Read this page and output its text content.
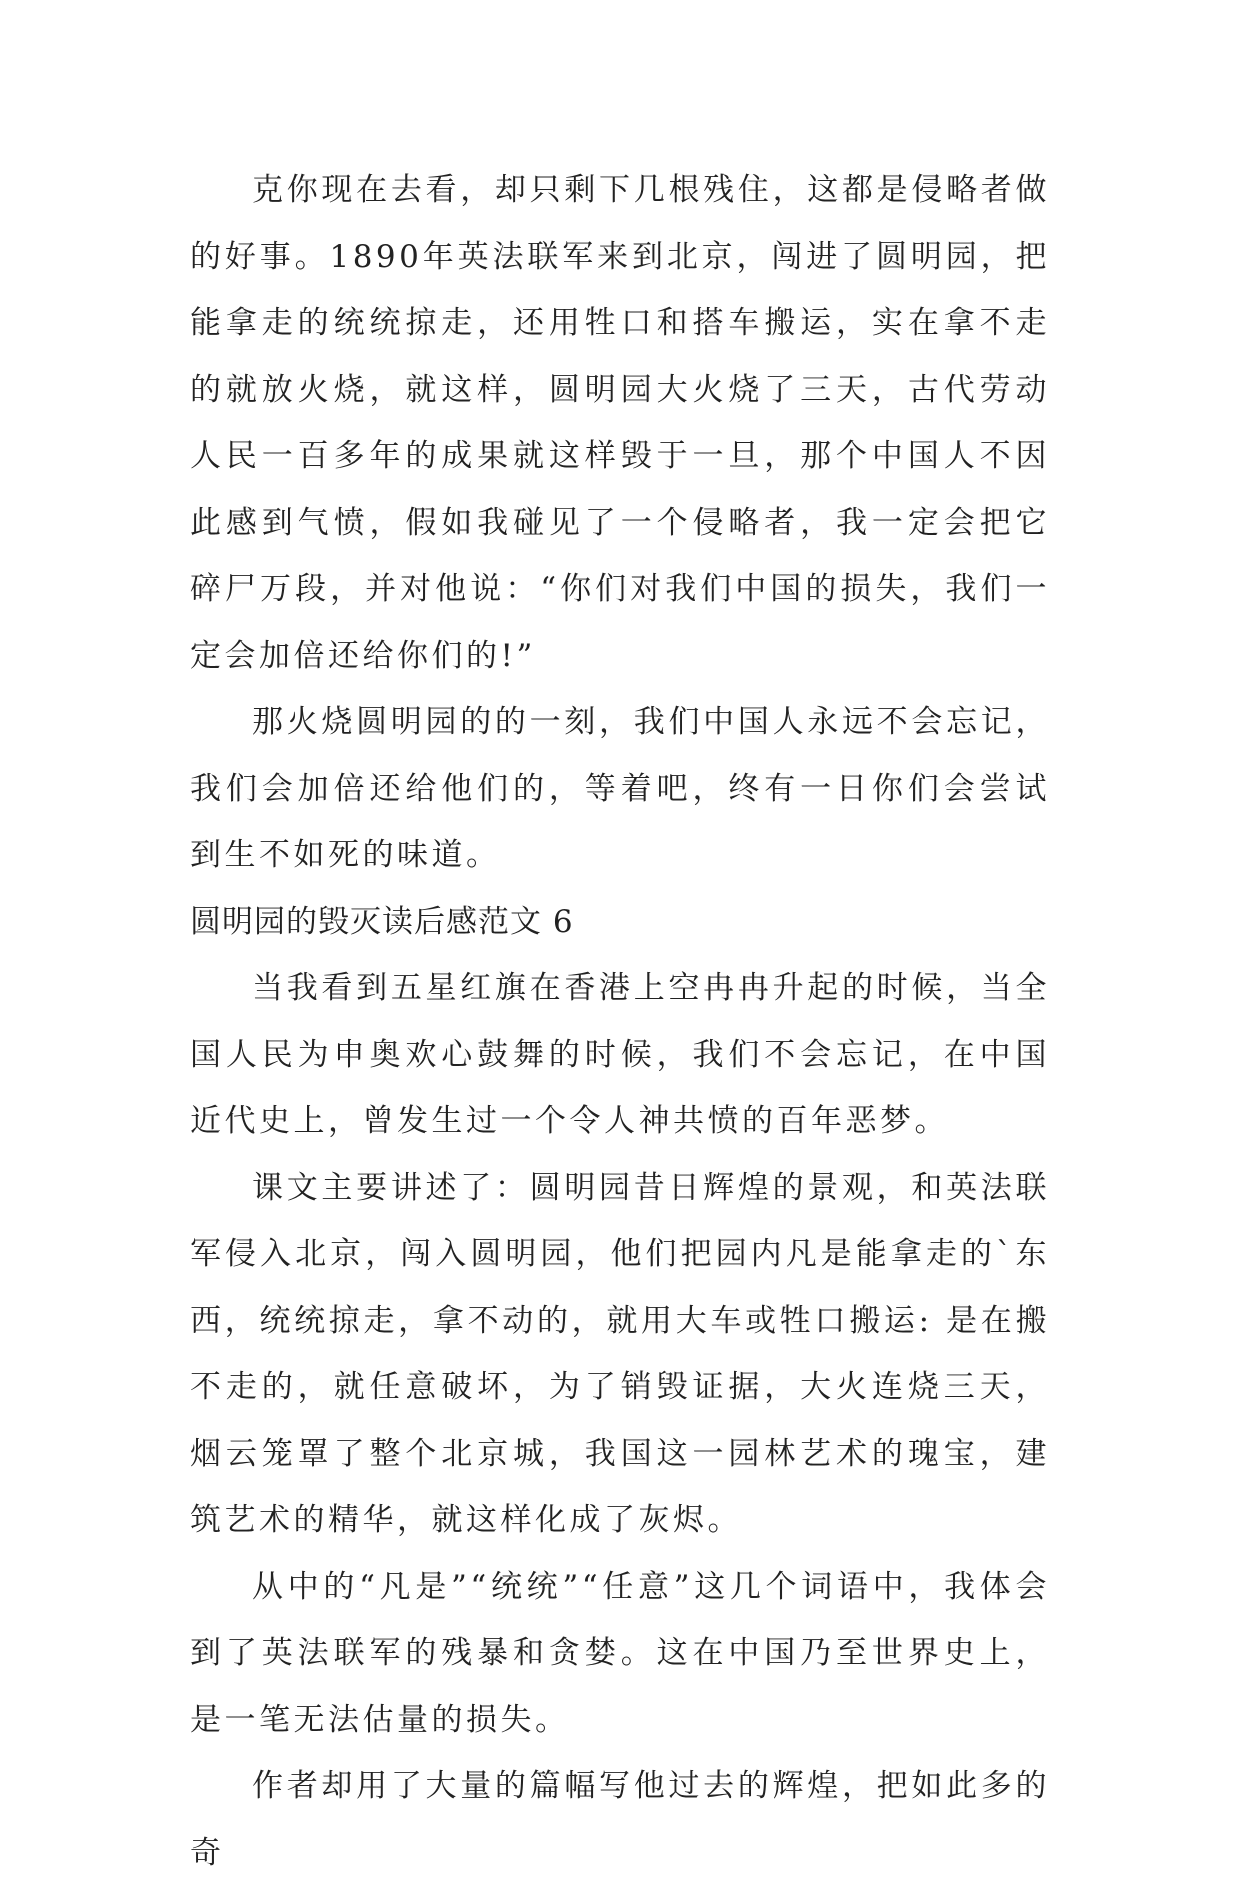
克你现在去看，却只剩下几根残住，这都是侵略者做的好事。1890年英法联军来到北京，闯进了圆明园，把能拿走的统统掠走，还用牲口和搭车搬运，实在拿不走的就放火烧，就这样，圆明园大火烧了三天，古代劳动人民一百多年的成果就这样毁于一旦，那个中国人不因此感到气愤，假如我碰见了一个侵略者，我一定会把它碎尸万段，并对他说：“你们对我们中国的损失，我们一定会加倍还给你们的!”

那火烧圆明园的的一刻，我们中国人永远不会忘记，我们会加倍还给他们的，等着吧，终有一日你们会尝试到生不如死的味道。

圆明园的毁灭读后感范文 6

当我看到五星红旗在香港上空冉冉升起的时候，当全国人民为申奥欢心鼓舞的时候，我们不会忘记，在中国近代史上，曾发生过一个令人神共愤的百年恶梦。

课文主要讲述了：圆明园昔日辉煌的景观，和英法联军侵入北京，闯入圆明园，他们把园内凡是能拿走的`东西，统统掠走，拿不动的，就用大车或牲口搬运: 是在搬不走的，就任意破坏，为了销毁证据，大火连烧三天，烟云笼罩了整个北京城，我国这一园林艺术的瑰宝，建筑艺术的精华，就这样化成了灰烬。

从中的“凡是”“统统”“任意”这几个词语中，我体会到了英法联军的残暴和贪婪。这在中国乃至世界史上，是一笔无法估量的损失。

作者却用了大量的篇幅写他过去的辉煌，把如此多的奇
